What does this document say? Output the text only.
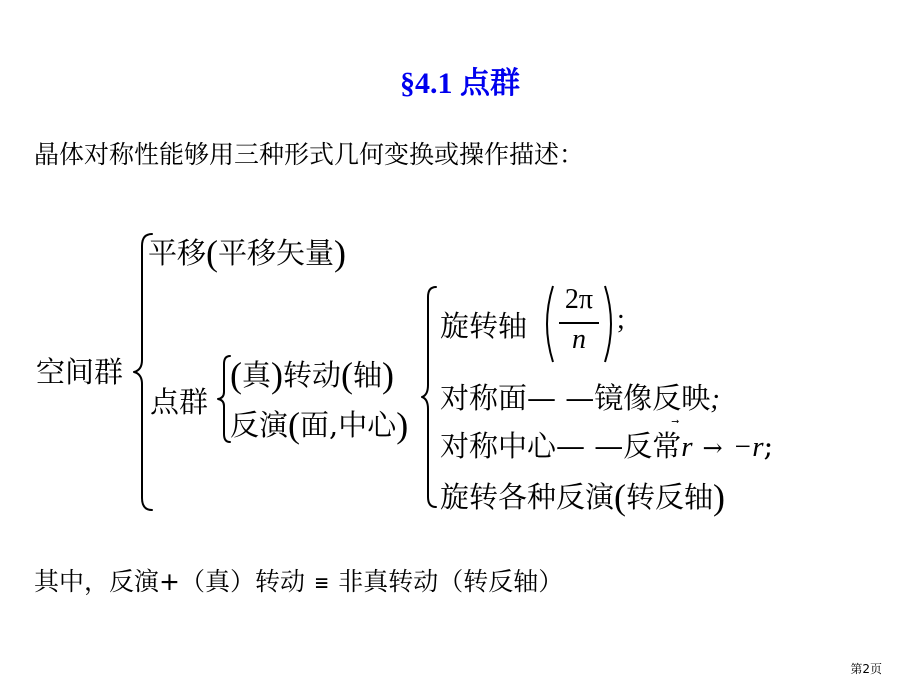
§4.1 点群
晶体对称性能够用三种形式几何变换或操作描述：
空间群
平移(平移矢量)
点群
(真)转动(轴)
反演(面,中心)
旋转轴
2π
n
;
对称面— —镜像反映;
对称中心— —反常r → −r;
旋转各种反演(转反轴)
其中，反演+（真）转动 ≡ 非真转动（转反轴）
第2页
